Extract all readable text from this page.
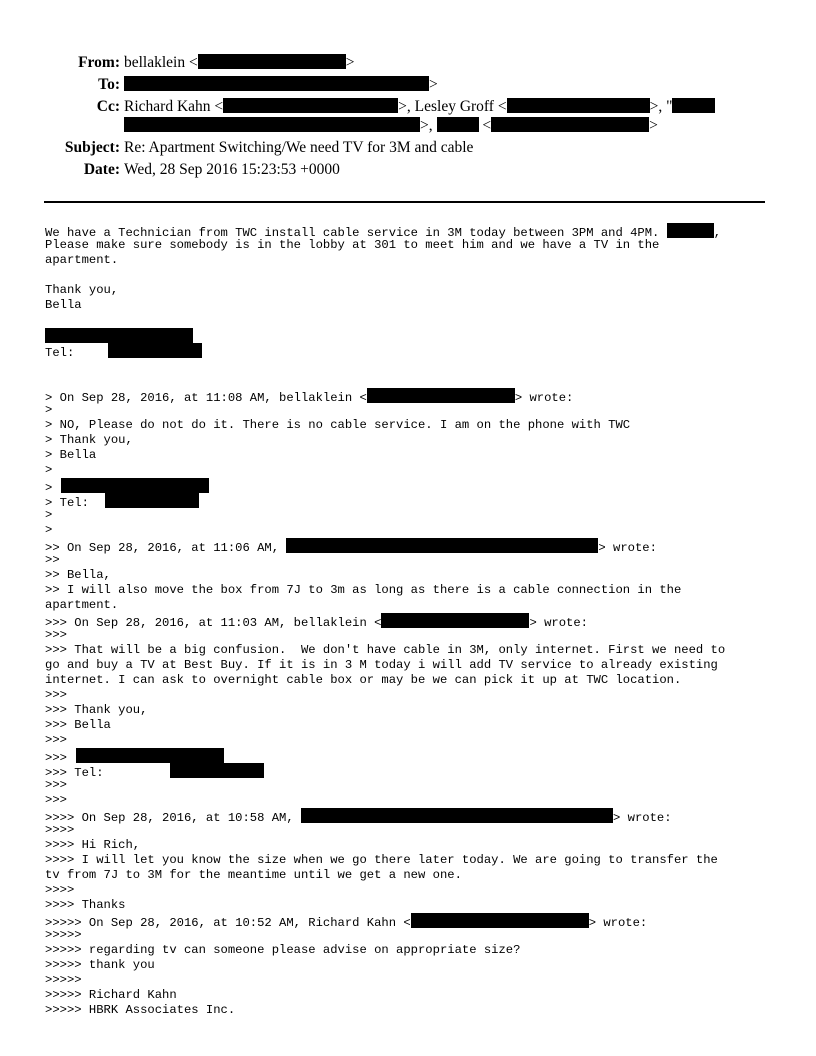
From: bellaklein <	>
To:	>
Cc: Richard Kahn <	>, Lesley Groff <	>, "
>,	<	>
Subject: Re: Apartment Switching/We need TV for 3M and cable
Date: Wed, 28 Sep 2016 15:23:53 +0000
We have a Technician from TWC install cable service in 3M today between 3PM and 4PM.	,
Please make sure somebody is in the lobby at 301 to meet him and we have a TV in the
apartment.
Thank you,
Bella
Tel:
> On Sep 28, 2016, at 11:08 AM, bellaklein <	> wrote:
>
> NO, Please do not do it. There is no cable service. I am on the phone with TWC
> Thank you,
> Bella
>
>
> Tel:
>
>
>> On Sep 28, 2016, at 11:06 AM,	> wrote:
>>
>> Bella,
>> I will also move the box from 7J to 3m as long as there is a cable connection in the
apartment.
>>> On Sep 28, 2016, at 11:03 AM, bellaklein <	> wrote:
>>>
>>> That will be a big confusion.  We don't have cable in 3M, only internet. First we need to
go and buy a TV at Best Buy. If it is in 3 M today i will add TV service to already existing
internet. I can ask to overnight cable box or may be we can pick it up at TWC location.
>>>
>>> Thank you,
>>> Bella
>>>
>>>
>>> Tel:
>>>
>>>
>>>> On Sep 28, 2016, at 10:58 AM,	> wrote:
>>>>
>>>> Hi Rich,
>>>> I will let you know the size when we go there later today. We are going to transfer the
tv from 7J to 3M for the meantime until we get a new one.
>>>>
>>>> Thanks
>>>>> On Sep 28, 2016, at 10:52 AM, Richard Kahn <	> wrote:
>>>>>
>>>>> regarding tv can someone please advise on appropriate size?
>>>>> thank you
>>>>>
>>>>> Richard Kahn
>>>>> HBRK Associates Inc.
